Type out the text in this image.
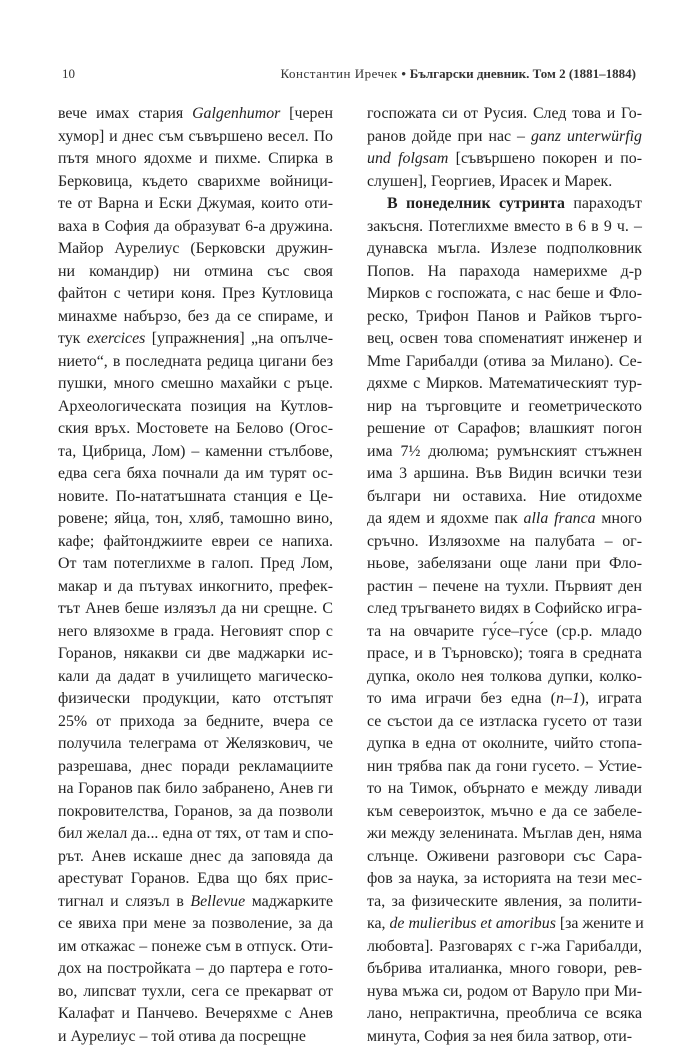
10	Константин Иречек • Български дневник. Том 2 (1881–1884)
вече имах стария Galgenhumor [черен
хумор] и днес съм съвършено весел. По
пътя много ядохме и пихме. Спирка в
Берковица, където сварихме войници-
те от Варна и Ески Джумая, които оти-
ваха в София да образуват 6-а дружина.
Майор Аурелиус (Берковски дружин-
ни командир) ни отмина със своя
файтон с четири коня. През Кутловица
минахме набързо, без да се спираме, и
тук exercices [упражнения] „на опълче-
нието“, в последната редица цигани без
пушки, много смешно махайки с ръце.
Археологическата позиция на Кутлов-
ския връх. Мостовете на Белово (Огос-
та, Цибрица, Лом) – каменни стълбове,
едва сега бяха почнали да им турят ос-
новите. По-нататъшната станция е Це-
ровене; яйца, тон, хляб, тамошно вино,
кафе; файтонджиите евреи се напиха.
От там потеглихме в галоп. Пред Лом,
макар и да пътувах инкогнито, префек-
тът Анев беше излязъл да ни срещне. С
него влязохме в града. Неговият спор с
Горанов, някакви си две маджарки ис-
кали да дадат в училището магическо-
физически продукции, като отстъпят
25% от прихода за бедните, вчера се
получила телеграма от Желязкович, че
разрешава, днес поради рекламациите
на Горанов пак било забранено, Анев ги
покровителства, Горанов, за да позволи
бил желал да... една от тях, от там и спо-
рът. Анев искаше днес да заповяда да
арестуват Горанов. Едва що бях прис-
тигнал и слязъл в Bellevue маджарките
се явиха при мене за позволение, за да
им откажас – понеже съм в отпуск. Оти-
дох на постройката – до партера е гото-
во, липсват тухли, сега се прекарват от
Калафат и Панчево. Вечеряхме с Анев
и Аурелиус – той отива да посрещне
госпожата си от Русия. След това и Го-
ранов дойде при нас – ganz unterwürfig
und folgsam [съвършено покорен и по-
слушен], Георгиев, Ирасек и Марек.
В понеделник сутринта параходът
закъсня. Потеглихме вместо в 6 в 9 ч. –
дунавска мъгла. Излезе подполковник
Попов. На парахода намерихме д-р
Мирков с госпожата, с нас беше и Фло-
реско, Трифон Панов и Райков търго-
вец, освен това споменатият инженер и
Mme Гарибалди (отива за Милано). Се-
дяхме с Мирков. Математическият тур-
нир на търговците и геометрическото
решение от Сарафов; влашкият погон
има 7½ дюлюма; румънският стъжнен
има 3 аршина. Във Видин всички тези
българи ни оставиха. Ние отидохме
да ядем и ядохме пак alla franca много
сръчно. Излязохме на палубата – ог-
ньове, забелязани още лани при Фло-
растин – печене на тухли. Първият ден
след тръгването видях в Софийско игра-
та на овчарите гу́се–гу́се (ср.р. младо
прасе, и в Търновско); тояга в средната
дупка, около нея толкова дупки, колко-
то има играчи без една (n–1), играта
се състои да се изтласка гусето от тази
дупка в една от околните, чийто стопа-
нин трябва пак да гони гусето. – Устие-
то на Тимок, обърнато е между ливади
към североизток, мъчно е да се забеле-
жи между зеленината. Мъглав ден, няма
слънце. Оживени разговори със Сара-
фов за наука, за историята на тези мес-
та, за физическите явления, за полити-
ка, de mulieribus et amoribus [за жените и
любовта]. Разговарях с г-жа Гарибалди,
бъбрива италианка, много говори, рев-
нува мъжа си, родом от Варуло при Ми-
лано, непрактична, преоблича се всяка
минута, София за нея била затвор, оти-
